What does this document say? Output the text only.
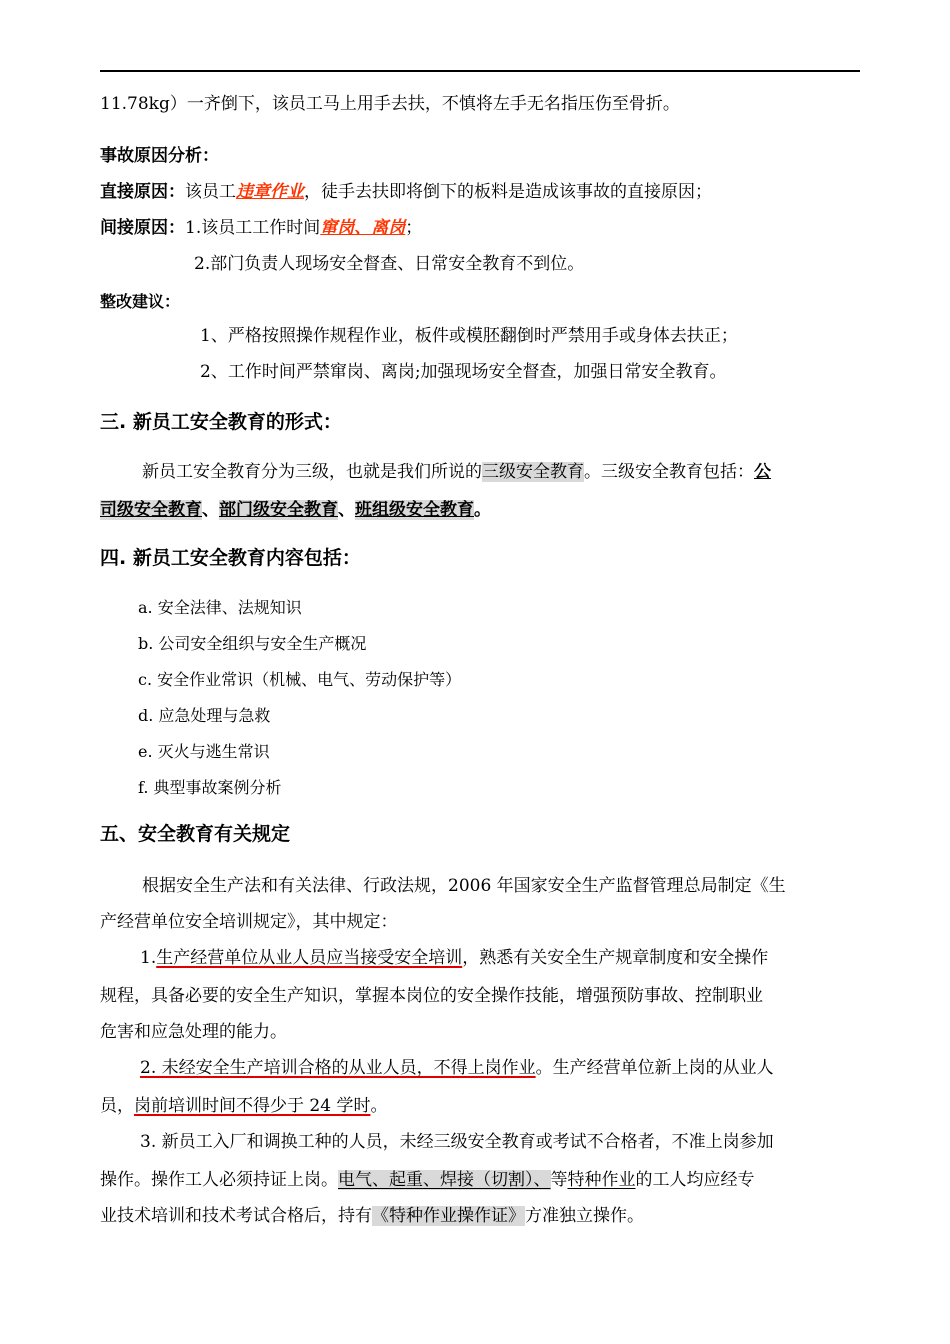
11.78kg）一齐倒下，该员工马上用手去扶，不慎将左手无名指压伤至骨折。
事故原因分析：
直接原因：该员工违章作业，徒手去扶即将倒下的板料是造成该事故的直接原因；
间接原因：1.该员工工作时间窜岗、离岗；
2.部门负责人现场安全督查、日常安全教育不到位。
整改建议：
1、严格按照操作规程作业，板件或模胚翻倒时严禁用手或身体去扶正；
2、工作时间严禁窜岗、离岗;加强现场安全督查，加强日常安全教育。
三. 新员工安全教育的形式：
新员工安全教育分为三级，也就是我们所说的三级安全教育。三级安全教育包括：公
司级安全教育、部门级安全教育、班组级安全教育。
四. 新员工安全教育内容包括：
a. 安全法律、法规知识
b. 公司安全组织与安全生产概况
c. 安全作业常识（机械、电气、劳动保护等）
d. 应急处理与急救
e. 灭火与逃生常识
f. 典型事故案例分析
五、安全教育有关规定
根据安全生产法和有关法律、行政法规，2006 年国家安全生产监督管理总局制定《生
产经营单位安全培训规定》，其中规定：
1.生产经营单位从业人员应当接受安全培训，熟悉有关安全生产规章制度和安全操作
规程，具备必要的安全生产知识，掌握本岗位的安全操作技能，增强预防事故、控制职业
危害和应急处理的能力。
2. 未经安全生产培训合格的从业人员，不得上岗作业。生产经营单位新上岗的从业人
员，岗前培训时间不得少于 24 学时。
3. 新员工入厂和调换工种的人员，未经三级安全教育或考试不合格者，不准上岗参加
操作。操作工人必须持证上岗。电气、起重、焊接（切割）、等特种作业的工人均应经专
业技术培训和技术考试合格后，持有《特种作业操作证》方准独立操作。
